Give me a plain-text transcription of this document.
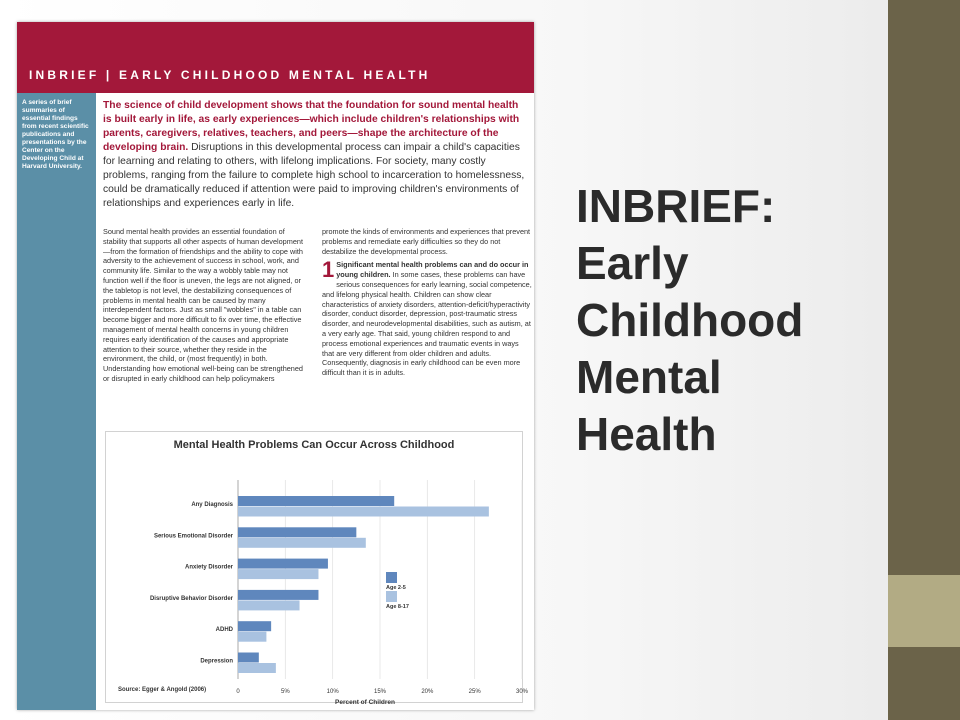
INBRIEF | EARLY CHILDHOOD MENTAL HEALTH
A series of brief summaries of essential findings from recent scientific publications and presentations by the Center on the Developing Child at Harvard University.
The science of child development shows that the foundation for sound mental health is built early in life, as early experiences—which include children's relationships with parents, caregivers, relatives, teachers, and peers—shape the architecture of the developing brain. Disruptions in this developmental process can impair a child's capacities for learning and relating to others, with lifelong implications. For society, many costly problems, ranging from the failure to complete high school to incarceration to homelessness, could be dramatically reduced if attention were paid to improving children's environments of relationships and experiences early in life.
Sound mental health provides an essential foundation of stability that supports all other aspects of human development—from the formation of friendships and the ability to cope with adversity to the achievement of success in school, work, and community life. Similar to the way a wobbly table may not function well if the floor is uneven, the legs are not aligned, or the tabletop is not level, the destabilizing consequences of problems in mental health can be caused by many interdependent factors. Just as small "wobbles" in a table can become bigger and more difficult to fix over time, the effective management of mental health concerns in young children requires early identification of the causes and appropriate attention to their source, whether they reside in the environment, the child, or (most frequently) in both. Understanding how emotional well-being can be strengthened or disrupted in early childhood can help policymakers

promote the kinds of environments and experiences that prevent problems and remediate early difficulties so they do not destabilize the developmental process.

1 Significant mental health problems can and do occur in young children. In some cases, these problems can have serious consequences for early learning, social competence, and lifelong physical health. Children can show clear characteristics of anxiety disorders, attention-deficit/hyperactivity disorder, conduct disorder, depression, post-traumatic stress disorder, and neurodevelopmental disabilities, such as autism, at a very early age. That said, young children respond to and process emotional experiences and traumatic events in ways that are very different from older children and adults. Consequently, diagnosis in early childhood can be even more difficult than it is in adults.

0	5%	10%	15%	20%	25%	30%
Any Diagnosis
Serious Emotional Disorder
Anxiety Disorder
Disruptive Behavior Disorder
ADHD
Depression
Percent of Children
Age 2-5
Age 8-17
Mental Health Problems Can Occur Across Childhood
Source: Egger & Angold (2006)
INBRIEF:
Early
Childhood
Mental
Health
